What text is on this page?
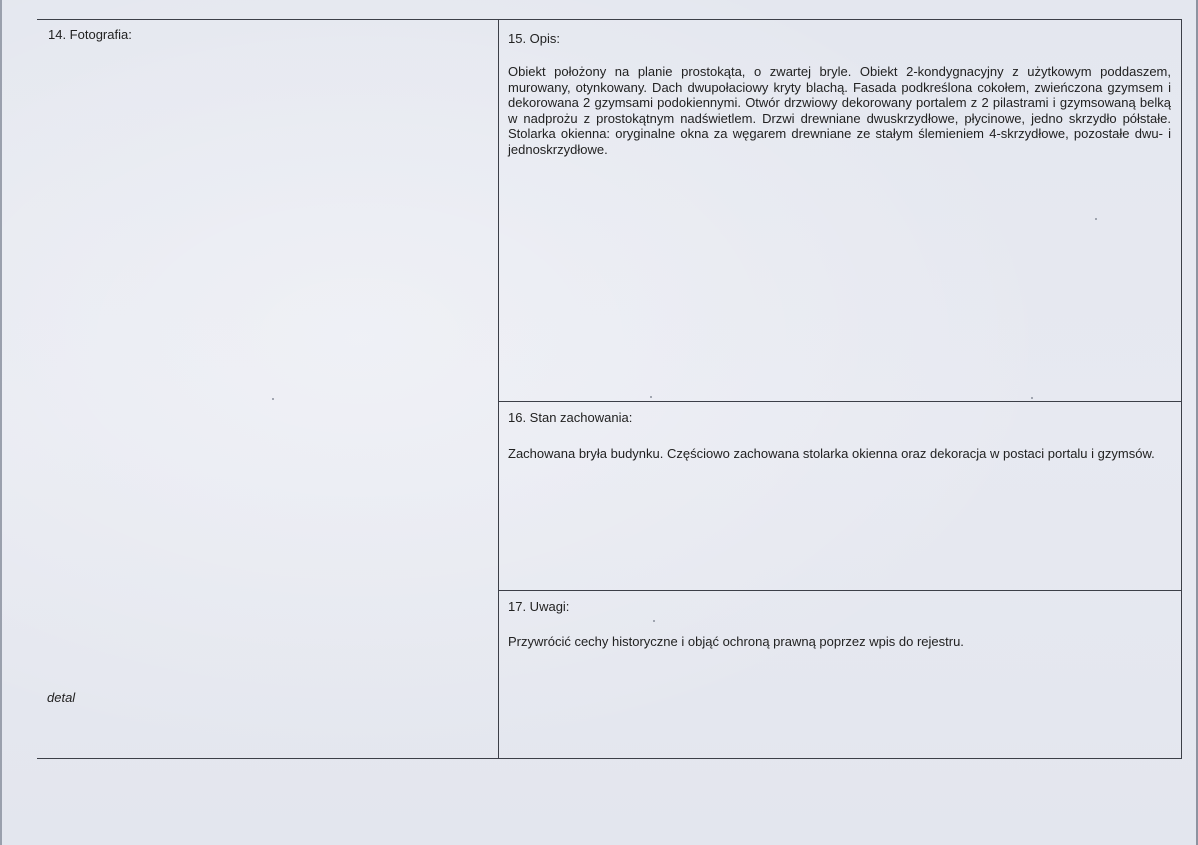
14. Fotografia:
detal
15. Opis:
Obiekt położony na planie prostokąta, o zwartej bryle. Obiekt 2-kondygnacyjny z użytkowym poddaszem, murowany, otynkowany. Dach dwupołaciowy kryty blachą. Fasada podkreślona cokołem, zwieńczona gzymsem i dekorowana 2 gzymsami podokiennymi. Otwór drzwiowy dekorowany portalem z 2 pilastrami i gzymsowaną belką w nadprożu z prostokątnym nadświetlem. Drzwi drewniane dwuskrzydłowe, płycinowe, jedno skrzydło półstałe. Stolarka okienna: oryginalne okna za węgarem drewniane ze stałym ślemieniem 4-skrzydłowe, pozostałe dwu- i jednoskrzydłowe.
16. Stan zachowania:
Zachowana bryła budynku. Częściowo zachowana stolarka okienna oraz dekoracja w postaci portalu i gzymsów.
17. Uwagi:
Przywrócić cechy historyczne i objąć ochroną prawną poprzez wpis do rejestru.
